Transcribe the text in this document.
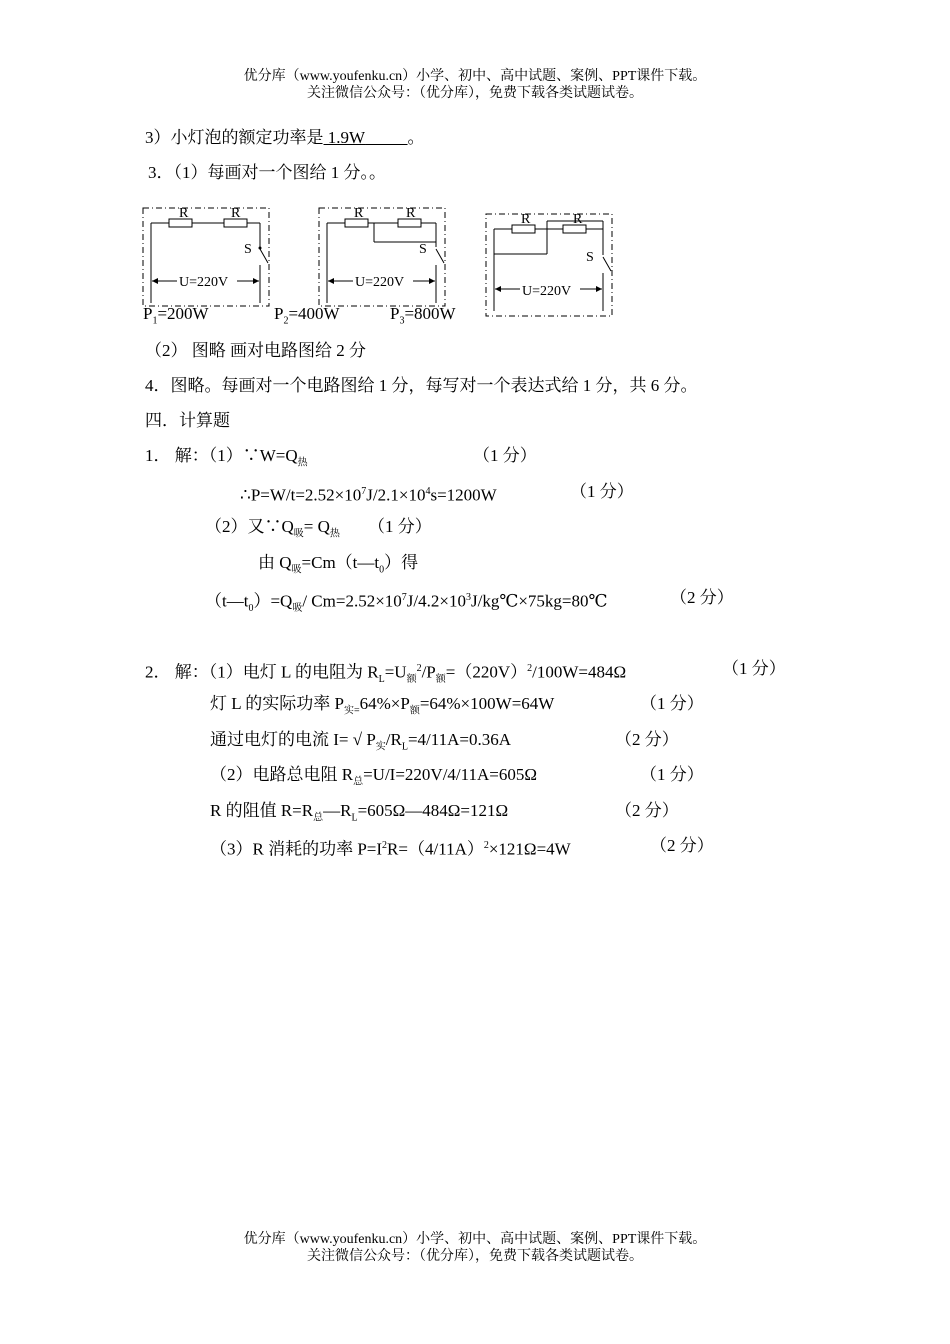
优分库（www.youfenku.cn）小学、初中、高中试题、案例、PPT课件下载。
关注微信公众号：（优分库），免费下载各类试题试卷。
3）小灯泡的额定功率是 1.9W	。
3．（1）每画对一个图给 1 分。。
R	R
S
U=220V
R	R
S
U=220V
R	R
S
U=220V
$P_1=200W$	$P_2=400W$	$P_3=800W$
（2） 图略 画对电路图给 2 分
4．图略。每画对一个电路图给 1 分，每写对一个表达式给 1 分，共 6 分。
四．计算题
1． 解：$(1)\because W=Q_热$	（1 分）
$\therefore P=W/t=2.52\times 10^7J/2.1\times 10^4s=1200W$	（1 分）
（2）又$\because Q_吸= Q_热$ （1 分）
由 $Q_吸=Cm(t—t_0)$得
$(t—t_0)=Q_吸/$ $Cm=2.52\times 10^7J/4.2\times 10^3J/kg℃\times 75kg=80℃$	（2 分）
2． 解：（1）电灯 L 的电阻为 $R_L=U_额^2/P_额=(220V)^2/100W=484\Omega$	（1 分）
灯 L 的实际功率 $P_{实=}64\%\times P_额=64\%\times 100W=64W$	（1 分）
通过电灯的电流 I= √ $P_实/R_L=4/11A=0.36A$	（2 分）
（2）电路总电阻 $R_总=U/I=220V/4/11A=605\Omega$	（1 分）
R 的阻值 $R=R_总—R_L=605\Omega—484\Omega=121\Omega$	（2 分）
（3）R 消耗的功率 $P=I^2R=(4/11A)^2\times 121\Omega=4W$	（2 分）
优分库（www.youfenku.cn）小学、初中、高中试题、案例、PPT课件下载。
关注微信公众号：（优分库），免费下载各类试题试卷。
